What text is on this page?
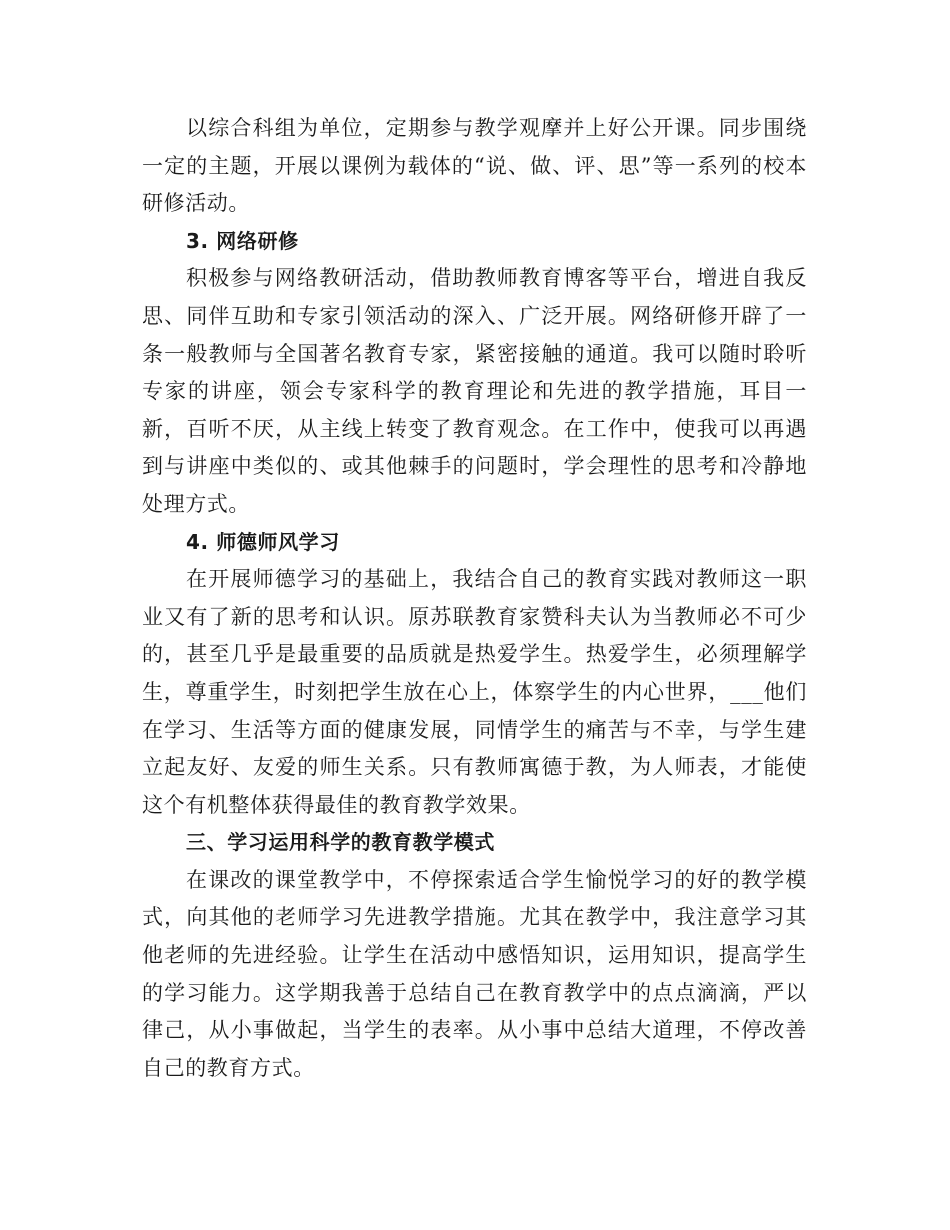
以综合科组为单位，定期参与教学观摩并上好公开课。同步围绕一定的主题，开展以课例为载体的“说、做、评、思”等一系列的校本研修活动。

3. 网络研修

积极参与网络教研活动，借助教师教育博客等平台，增进自我反思、同伴互助和专家引领活动的深入、广泛开展。网络研修开辟了一条一般教师与全国著名教育专家，紧密接触的通道。我可以随时聆听专家的讲座，领会专家科学的教育理论和先进的教学措施，耳目一新，百听不厌，从主线上转变了教育观念。在工作中，使我可以再遇到与讲座中类似的、或其他棘手的问题时，学会理性的思考和冷静地处理方式。

4. 师德师风学习

在开展师德学习的基础上，我结合自己的教育实践对教师这一职业又有了新的思考和认识。原苏联教育家赞科夫认为当教师必不可少的，甚至几乎是最重要的品质就是热爱学生。热爱学生，必须理解学生，尊重学生，时刻把学生放在心上，体察学生的内心世界，___他们在学习、生活等方面的健康发展，同情学生的痛苦与不幸，与学生建立起友好、友爱的师生关系。只有教师寓德于教，为人师表，才能使这个有机整体获得最佳的教育教学效果。

三、学习运用科学的教育教学模式

在课改的课堂教学中，不停探索适合学生愉悦学习的好的教学模式，向其他的老师学习先进教学措施。尤其在教学中，我注意学习其他老师的先进经验。让学生在活动中感悟知识，运用知识，提高学生的学习能力。这学期我善于总结自己在教育教学中的点点滴滴，严以律己，从小事做起，当学生的表率。从小事中总结大道理，不停改善自己的教育方式。
